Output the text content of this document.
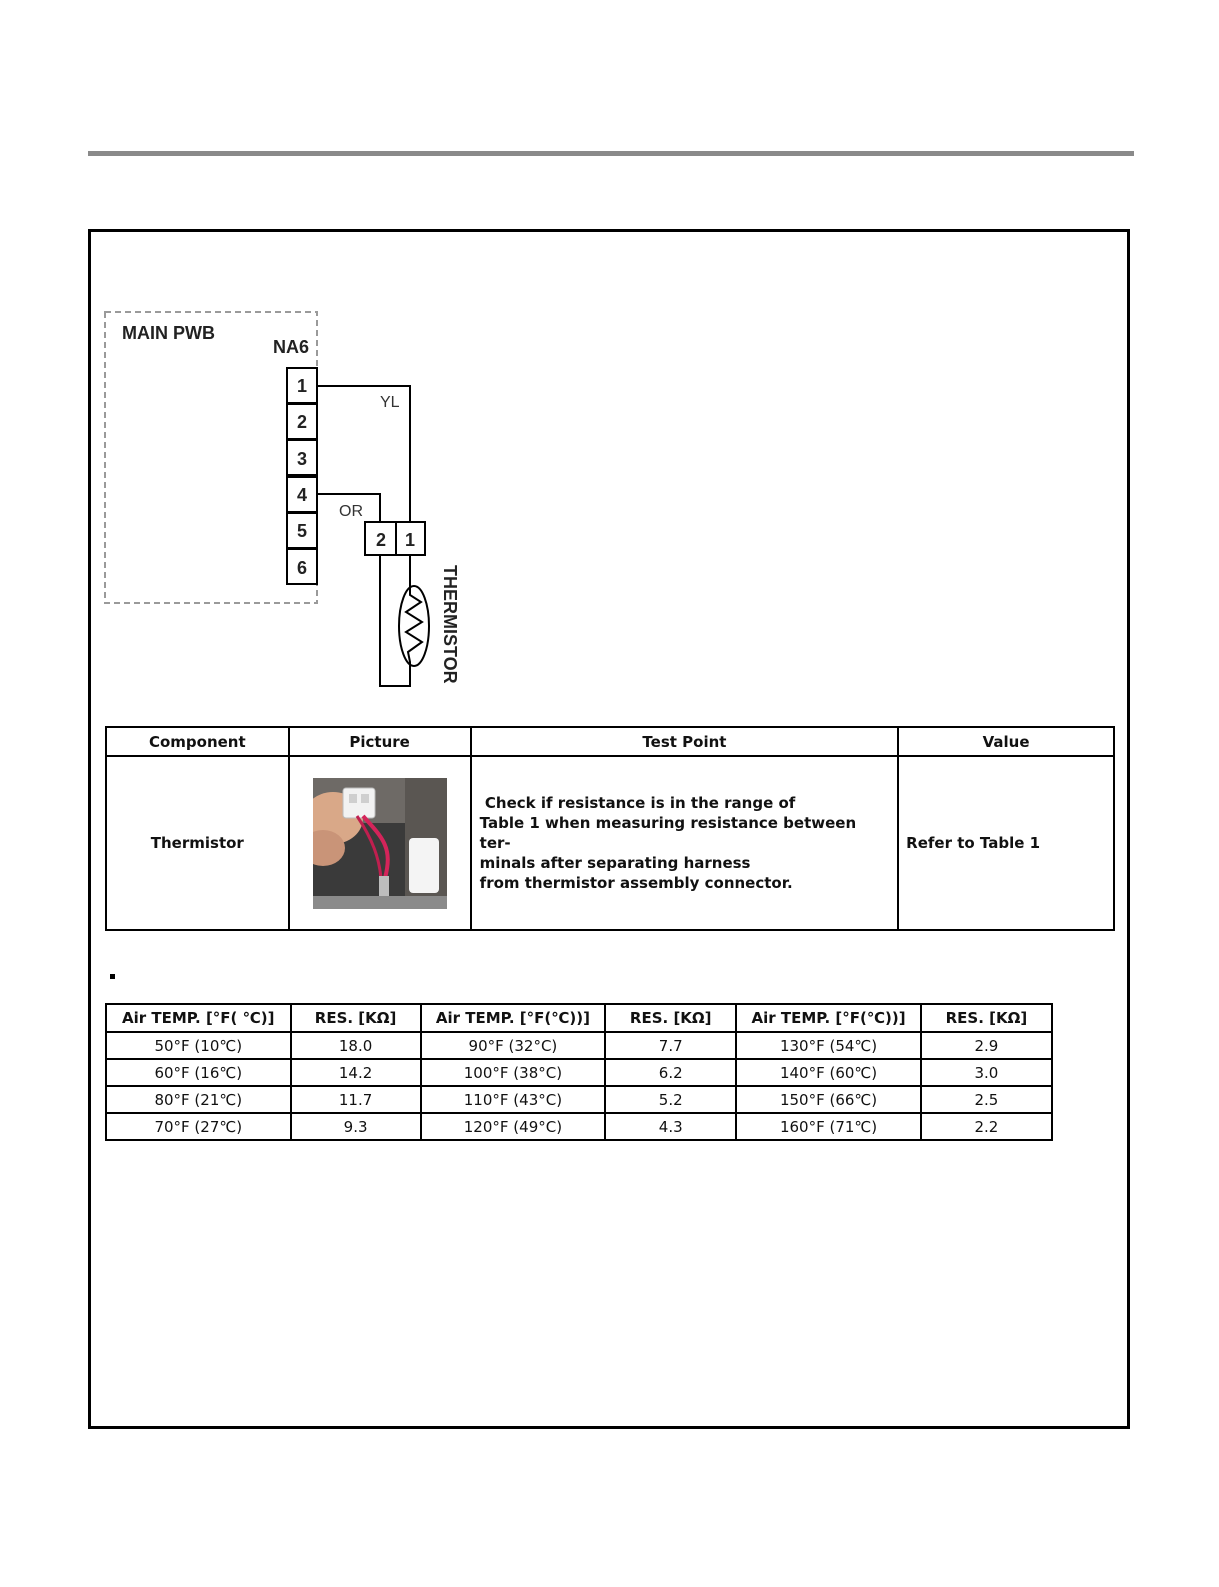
MAIN PWB
NA6
1
2
3
4
5
6
YL
OR
2 1
THERMISTOR
Component	Picture	Test Point	Value
Thermistor		Check if resistance is in the range of
Table 1 when measuring resistance between ter-
minals after separating harness
from thermistor assembly connector.	Refer to Table 1
Air TEMP. [°F( ℃)]	RES. [KΩ]	Air TEMP. [°F(℃))]	RES. [KΩ]	Air TEMP. [°F(℃))]	RES. [KΩ]
50°F (10℃)	18.0	90°F (32°C)	7.7	130°F (54℃)	2.9
60°F (16℃)	14.2	100°F (38°C)	6.2	140°F (60℃)	3.0
80°F (21℃)	11.7	110°F (43°C)	5.2	150°F (66℃)	2.5
70°F (27℃)	9.3	120°F (49°C)	4.3	160°F (71℃)	2.2
